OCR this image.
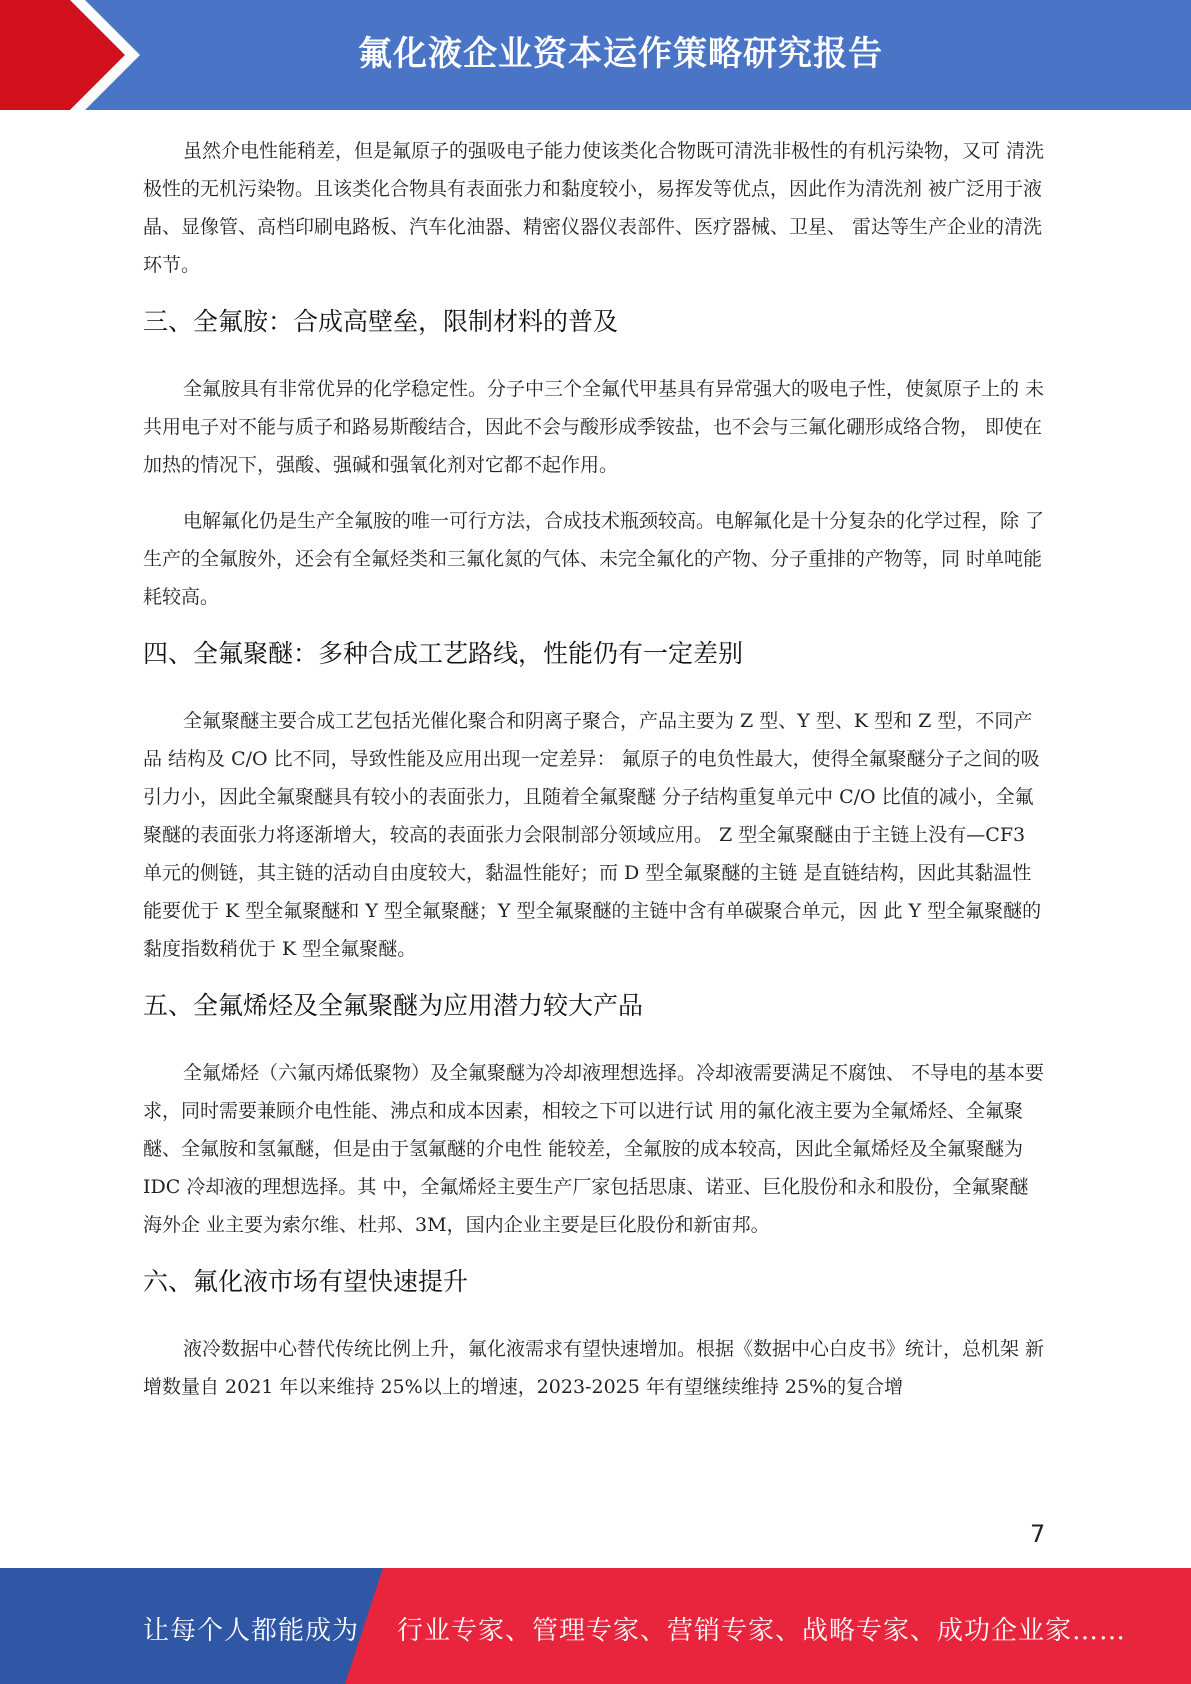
氟化液企业资本运作策略研究报告

虽然介电性能稍差，但是氟原子的强吸电子能力使该类化合物既可清洗非极性的有机污染物，又可 清洗极性的无机污染物。且该类化合物具有表面张力和黏度较小，易挥发等优点，因此作为清洗剂 被广泛用于液晶、显像管、高档印刷电路板、汽车化油器、精密仪器仪表部件、医疗器械、卫星、 雷达等生产企业的清洗环节。

三、全氟胺：合成高壁垒，限制材料的普及

全氟胺具有非常优异的化学稳定性。分子中三个全氟代甲基具有异常强大的吸电子性，使氮原子上的 未共用电子对不能与质子和路易斯酸结合，因此不会与酸形成季铵盐，也不会与三氟化硼形成络合物， 即使在加热的情况下，强酸、强碱和强氧化剂对它都不起作用。

电解氟化仍是生产全氟胺的唯一可行方法，合成技术瓶颈较高。电解氟化是十分复杂的化学过程，除 了生产的全氟胺外，还会有全氟烃类和三氟化氮的气体、未完全氟化的产物、分子重排的产物等，同 时单吨能耗较高。

四、全氟聚醚：多种合成工艺路线，性能仍有一定差别

全氟聚醚主要合成工艺包括光催化聚合和阴离子聚合，产品主要为 Z 型、Y 型、K 型和 Z 型，不同产品 结构及 C/O 比不同，导致性能及应用出现一定差异： 氟原子的电负性最大，使得全氟聚醚分子之间的吸引力小，因此全氟聚醚具有较小的表面张力，且随着全氟聚醚 分子结构重复单元中 C/O 比值的减小，全氟聚醚的表面张力将逐渐增大，较高的表面张力会限制部分领域应用。 Z 型全氟聚醚由于主链上没有—CF3 单元的侧链，其主链的活动自由度较大，黏温性能好；而 D 型全氟聚醚的主链 是直链结构，因此其黏温性能要优于 K 型全氟聚醚和 Y 型全氟聚醚；Y 型全氟聚醚的主链中含有单碳聚合单元，因 此 Y 型全氟聚醚的黏度指数稍优于 K 型全氟聚醚。

五、全氟烯烃及全氟聚醚为应用潜力较大产品

全氟烯烃（六氟丙烯低聚物）及全氟聚醚为冷却液理想选择。冷却液需要满足不腐蚀、 不导电的基本要求，同时需要兼顾介电性能、沸点和成本因素，相较之下可以进行试 用的氟化液主要为全氟烯烃、全氟聚醚、全氟胺和氢氟醚，但是由于氢氟醚的介电性 能较差，全氟胺的成本较高，因此全氟烯烃及全氟聚醚为 IDC 冷却液的理想选择。其 中，全氟烯烃主要生产厂家包括思康、诺亚、巨化股份和永和股份，全氟聚醚海外企 业主要为索尔维、杜邦、3M，国内企业主要是巨化股份和新宙邦。

六、氟化液市场有望快速提升

液冷数据中心替代传统比例上升，氟化液需求有望快速增加。根据《数据中心白皮书》统计，总机架 新增数量自 2021 年以来维持 25%以上的增速，2023-2025 年有望继续维持 25%的复合增

7
让每个人都能成为 行业专家、管理专家、营销专家、战略专家、成功企业家……
